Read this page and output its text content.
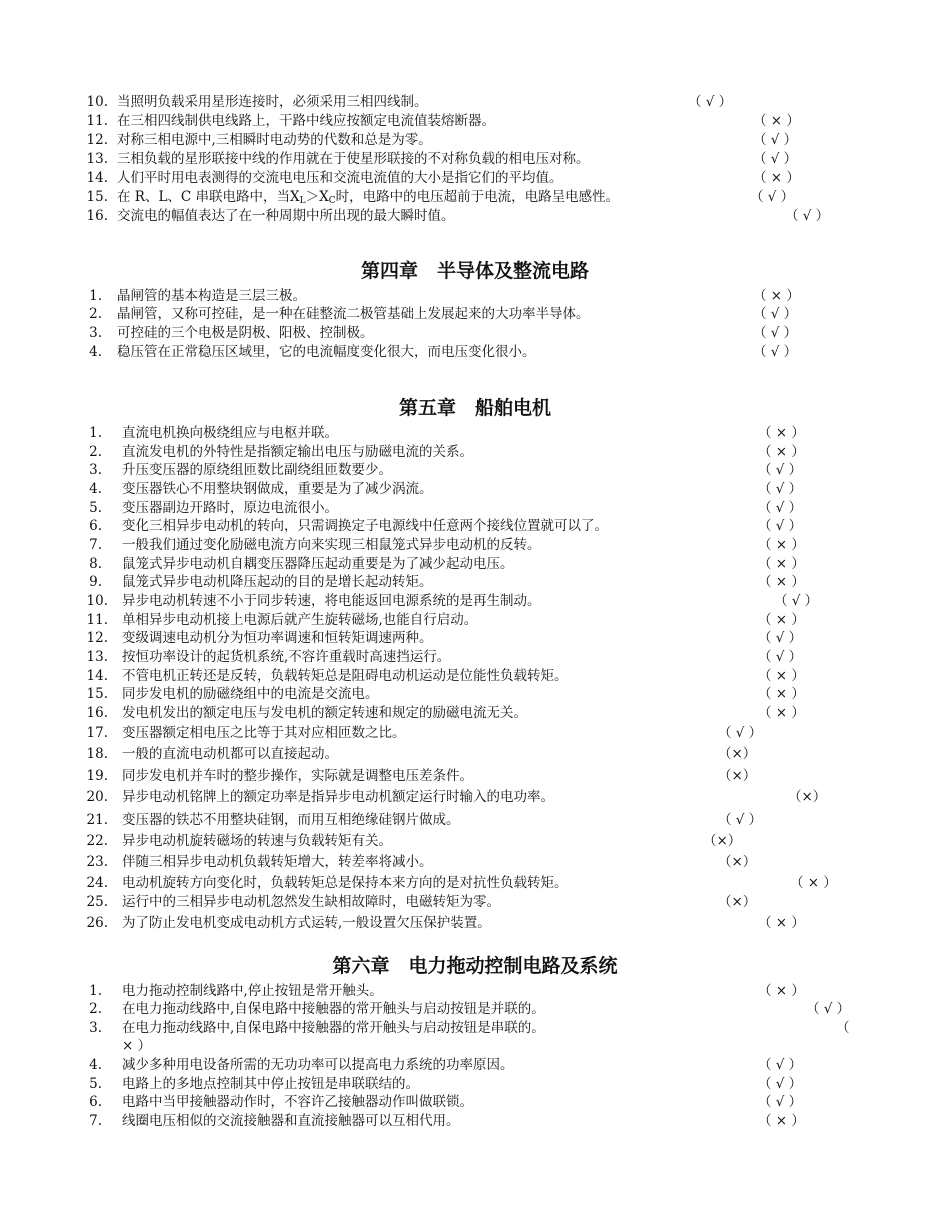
10. 当照明负载采用星形连接时，必须采用三相四线制。	（ √ ）
11. 在三相四线制供电线路上，干路中线应按额定电流值装熔断器。	（ × ）
12. 对称三相电源中,三相瞬时电动势的代数和总是为零。	（ √ ）
13. 三相负载的星形联接中线的作用就在于使星形联接的不对称负载的相电压对称。	（ √ ）
14. 人们平时用电表测得的交流电电压和交流电流值的大小是指它们的平均值。	（ × ）
15. 在 R、L、C 串联电路中，当$X_L>X_C$时，电路中的电压超前于电流，电路呈电感性。	（ √ ）
16. 交流电的幅值表达了在一种周期中所出现的最大瞬时值。	（ √ ）
1. 晶闸管的基本构造是三层三极。	（ × ）
2. 晶闸管，又称可控硅，是一种在硅整流二极管基础上发展起来的大功率半导体。	（ √ ）
3. 可控硅的三个电极是阴极、阳极、控制极。	（ √ ）
4. 稳压管在正常稳压区域里，它的电流幅度变化很大，而电压变化很小。	（ √ ）
1. 直流电机换向极绕组应与电枢并联。	（ × ）
2. 直流发电机的外特性是指额定输出电压与励磁电流的关系。	（ × ）
3. 升压变压器的原绕组匝数比副绕组匝数要少。	（ √ ）
4. 变压器铁心不用整块钢做成，重要是为了减少涡流。	（ √ ）
5. 变压器副边开路时，原边电流很小。	（ √ ）
6. 变化三相异步电动机的转向，只需调换定子电源线中任意两个接线位置就可以了。	（ √ ）
7. 一般我们通过变化励磁电流方向来实现三相鼠笼式异步电动机的反转。	（ × ）
8. 鼠笼式异步电动机自耦变压器降压起动重要是为了减少起动电压。	（ × ）
9. 鼠笼式异步电动机降压起动的目的是增长起动转矩。	（ × ）
10. 异步电动机转速不小于同步转速，将电能返回电源系统的是再生制动。	（ √ ）
11. 单相异步电动机接上电源后就产生旋转磁场,也能自行启动。	（ × ）
12. 变级调速电动机分为恒功率调速和恒转矩调速两种。	（ √ ）
13. 按恒功率设计的起货机系统,不容许重载时高速挡运行。	（ √ ）
14. 不管电机正转还是反转，负载转矩总是阻碍电动机运动是位能性负载转矩。	（ × ）
15. 同步发电机的励磁绕组中的电流是交流电。	（ × ）
16. 发电机发出的额定电压与发电机的额定转速和规定的励磁电流无关。	（ × ）
17. 变压器额定相电压之比等于其对应相匝数之比。	（ √ ）
18. 一般的直流电动机都可以直接起动。	（×）
19. 同步发电机并车时的整步操作，实际就是调整电压差条件。	（×）
20. 异步电动机铭牌上的额定功率是指异步电动机额定运行时输入的电功率。	（×）
21. 变压器的铁芯不用整块硅钢，而用互相绝缘硅钢片做成。	（ √ ）
22. 异步电动机旋转磁场的转速与负载转矩有关。	（×）
23. 伴随三相异步电动机负载转矩增大，转差率将减小。	（×）
24. 电动机旋转方向变化时，负载转矩总是保持本来方向的是对抗性负载转矩。	（ × ）
25. 运行中的三相异步电动机忽然发生缺相故障时，电磁转矩为零。	（×）
26. 为了防止发电机变成电动机方式运转,一般设置欠压保护装置。	（ × ）
1. 电力拖动控制线路中,停止按钮是常开触头。	（ × ）
2. 在电力拖动线路中,自保电路中接触器的常开触头与启动按钮是并联的。	（ √ ）
3. 在电力拖动线路中,自保电路中接触器的常开触头与启动按钮是串联的。	（
× ）
4. 减少多种用电设备所需的无功功率可以提高电力系统的功率原因。	（ √ ）
5. 电路上的多地点控制其中停止按钮是串联联结的。	（ √ ）
6. 电路中当甲接触器动作时，不容许乙接触器动作叫做联锁。	（ √ ）
7. 线圈电压相似的交流接触器和直流接触器可以互相代用。	（ × ）
第四章　半导体及整流电路
第五章　船舶电机
第六章　电力拖动控制电路及系统
